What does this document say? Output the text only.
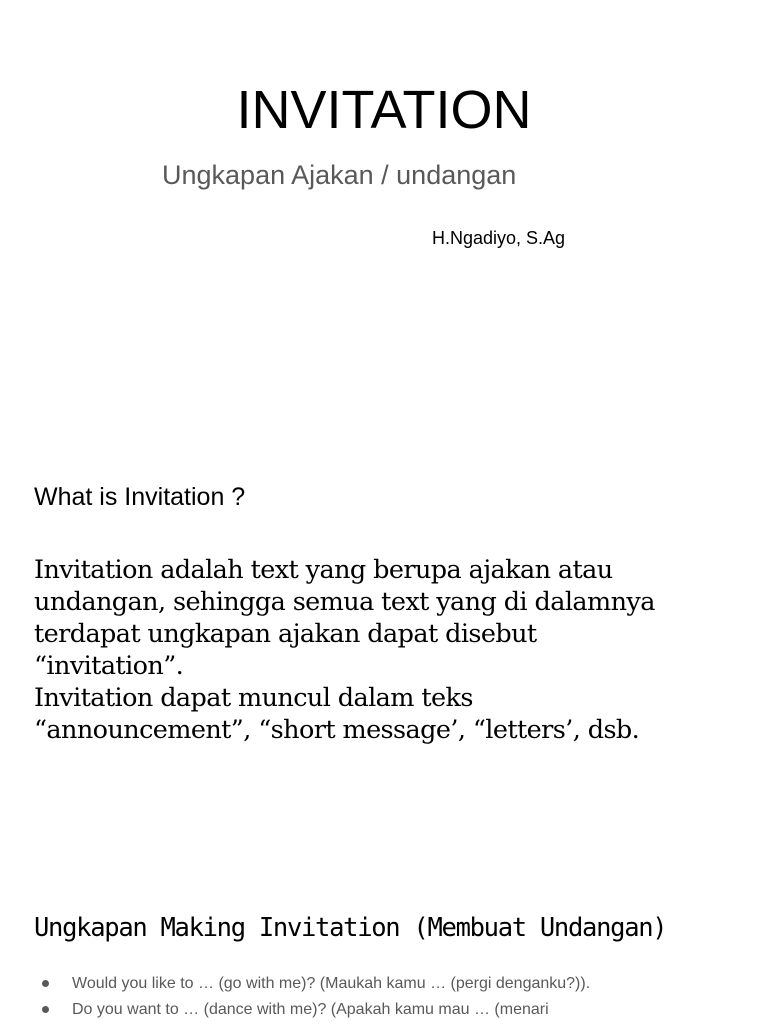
INVITATION
Ungkapan Ajakan / undangan
H.Ngadiyo, S.Ag
What is Invitation ?
Invitation adalah text yang berupa ajakan atau
undangan, sehingga semua text yang di dalamnya
terdapat ungkapan ajakan dapat disebut
“invitation”.
Invitation dapat muncul dalam teks
“announcement”, “short message’, “letters’, dsb.
Ungkapan Making Invitation (Membuat Undangan)
Would you like to … (go with me)? (Maukah kamu … (pergi denganku?)).
Do you want to … (dance with me)? (Apakah kamu mau … (menari
